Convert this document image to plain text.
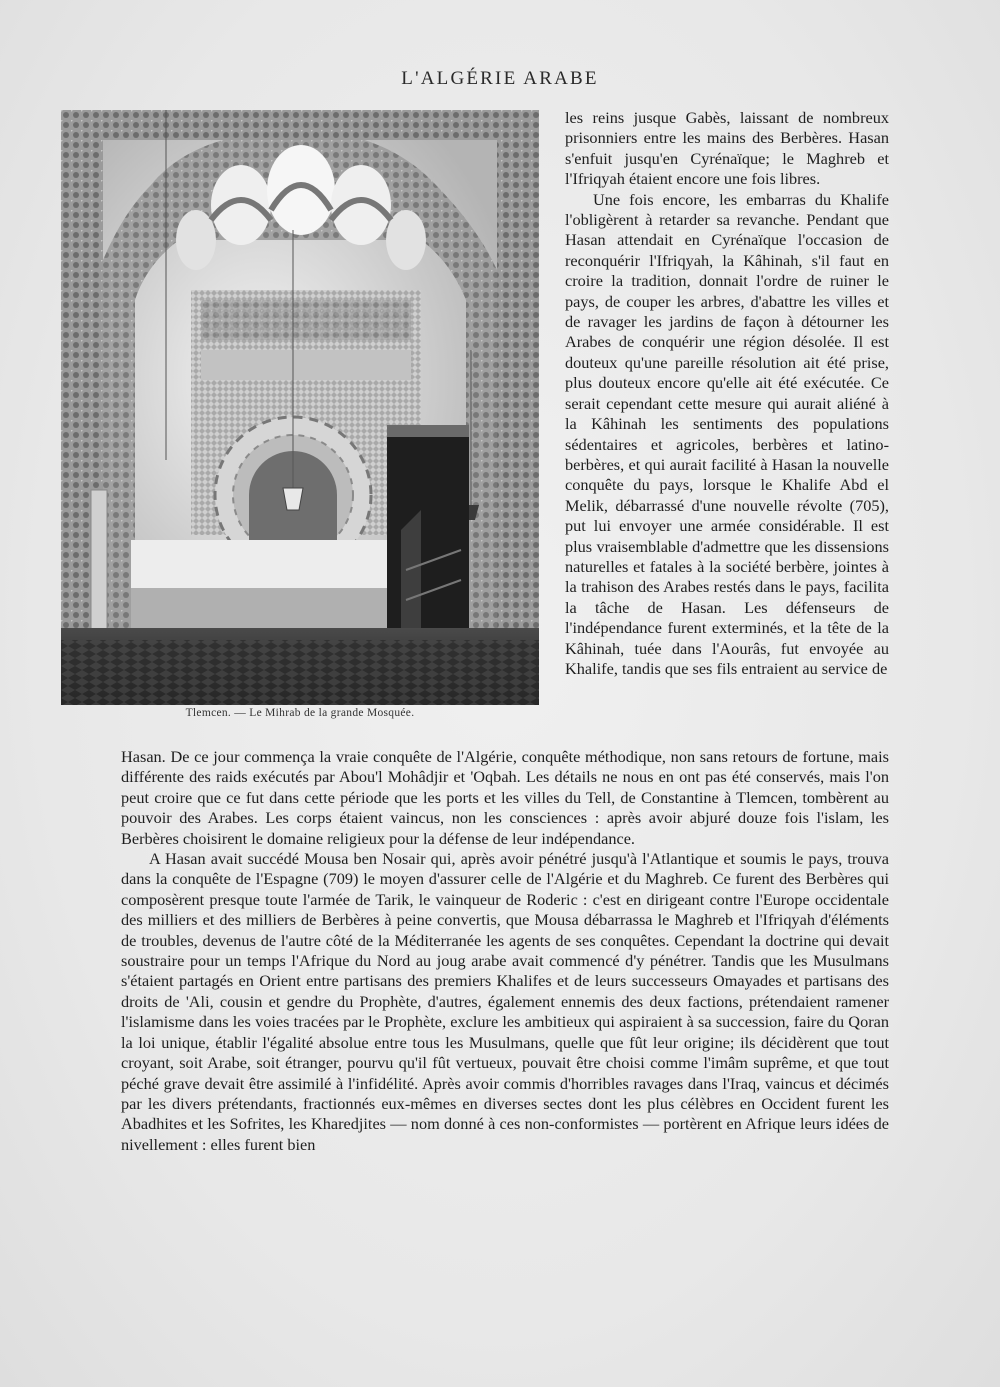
L'ALGÉRIE ARABE
Tlemcen. — Le Mihrab de la grande Mosquée.

les reins jusque Gabès, laissant de nombreux prisonniers entre les mains des Berbères. Hasan s'enfuit jusqu'en Cyrénaïque; le Maghreb et l'Ifriqyah étaient encore une fois libres.

Une fois encore, les embarras du Khalife l'obligèrent à retarder sa revanche. Pendant que Hasan attendait en Cyrénaïque l'occasion de reconquérir l'Ifriqyah, la Kâhinah, s'il faut en croire la tradition, donnait l'ordre de ruiner le pays, de couper les arbres, d'abattre les villes et de ravager les jardins de façon à détourner les Arabes de conquérir une région désolée. Il est douteux qu'une pareille résolution ait été prise, plus douteux encore qu'elle ait été exécutée. Ce serait cependant cette mesure qui aurait aliéné à la Kâhinah les sentiments des populations sédentaires et agricoles, berbères et latino-berbères, et qui aurait facilité à Hasan la nouvelle conquête du pays, lorsque le Khalife Abd el Melik, débarrassé d'une nouvelle révolte (705), put lui envoyer une armée considérable. Il est plus vraisemblable d'admettre que les dissensions naturelles et fatales à la société berbère, jointes à la trahison des Arabes restés dans le pays, facilita la tâche de Hasan. Les défenseurs de l'indépendance furent exterminés, et la tête de la Kâhinah, tuée dans l'Aourâs, fut envoyée au Khalife, tandis que ses fils entraient au service de

Hasan. De ce jour commença la vraie conquête de l'Algérie, conquête méthodique, non sans retours de fortune, mais différente des raids exécutés par Abou'l Mohâdjir et 'Oqbah. Les détails ne nous en ont pas été conservés, mais l'on peut croire que ce fut dans cette période que les ports et les villes du Tell, de Constantine à Tlemcen, tombèrent au pouvoir des Arabes. Les corps étaient vaincus, non les consciences : après avoir abjuré douze fois l'islam, les Berbères choisirent le domaine religieux pour la défense de leur indépendance.

A Hasan avait succédé Mousa ben Nosair qui, après avoir pénétré jusqu'à l'Atlantique et soumis le pays, trouva dans la conquête de l'Espagne (709) le moyen d'assurer celle de l'Algérie et du Maghreb. Ce furent des Berbères qui composèrent presque toute l'armée de Tarik, le vainqueur de Roderic : c'est en dirigeant contre l'Europe occidentale des milliers et des milliers de Berbères à peine convertis, que Mousa débarrassa le Maghreb et l'Ifriqyah d'éléments de troubles, devenus de l'autre côté de la Méditerranée les agents de ses conquêtes. Cependant la doctrine qui devait soustraire pour un temps l'Afrique du Nord au joug arabe avait commencé d'y pénétrer. Tandis que les Musulmans s'étaient partagés en Orient entre partisans des premiers Khalifes et de leurs successeurs Omayades et partisans des droits de 'Ali, cousin et gendre du Prophète, d'autres, également ennemis des deux factions, prétendaient ramener l'islamisme dans les voies tracées par le Prophète, exclure les ambitieux qui aspiraient à sa succession, faire du Qoran la loi unique, établir l'égalité absolue entre tous les Musulmans, quelle que fût leur origine; ils décidèrent que tout croyant, soit Arabe, soit étranger, pourvu qu'il fût vertueux, pouvait être choisi comme l'imâm suprême, et que tout péché grave devait être assimilé à l'infidélité. Après avoir commis d'horribles ravages dans l'Iraq, vaincus et décimés par les divers prétendants, fractionnés eux-mêmes en diverses sectes dont les plus célèbres en Occident furent les Abadhites et les Sofrites, les Kharedjites — nom donné à ces non-conformistes — portèrent en Afrique leurs idées de nivellement : elles furent bien
